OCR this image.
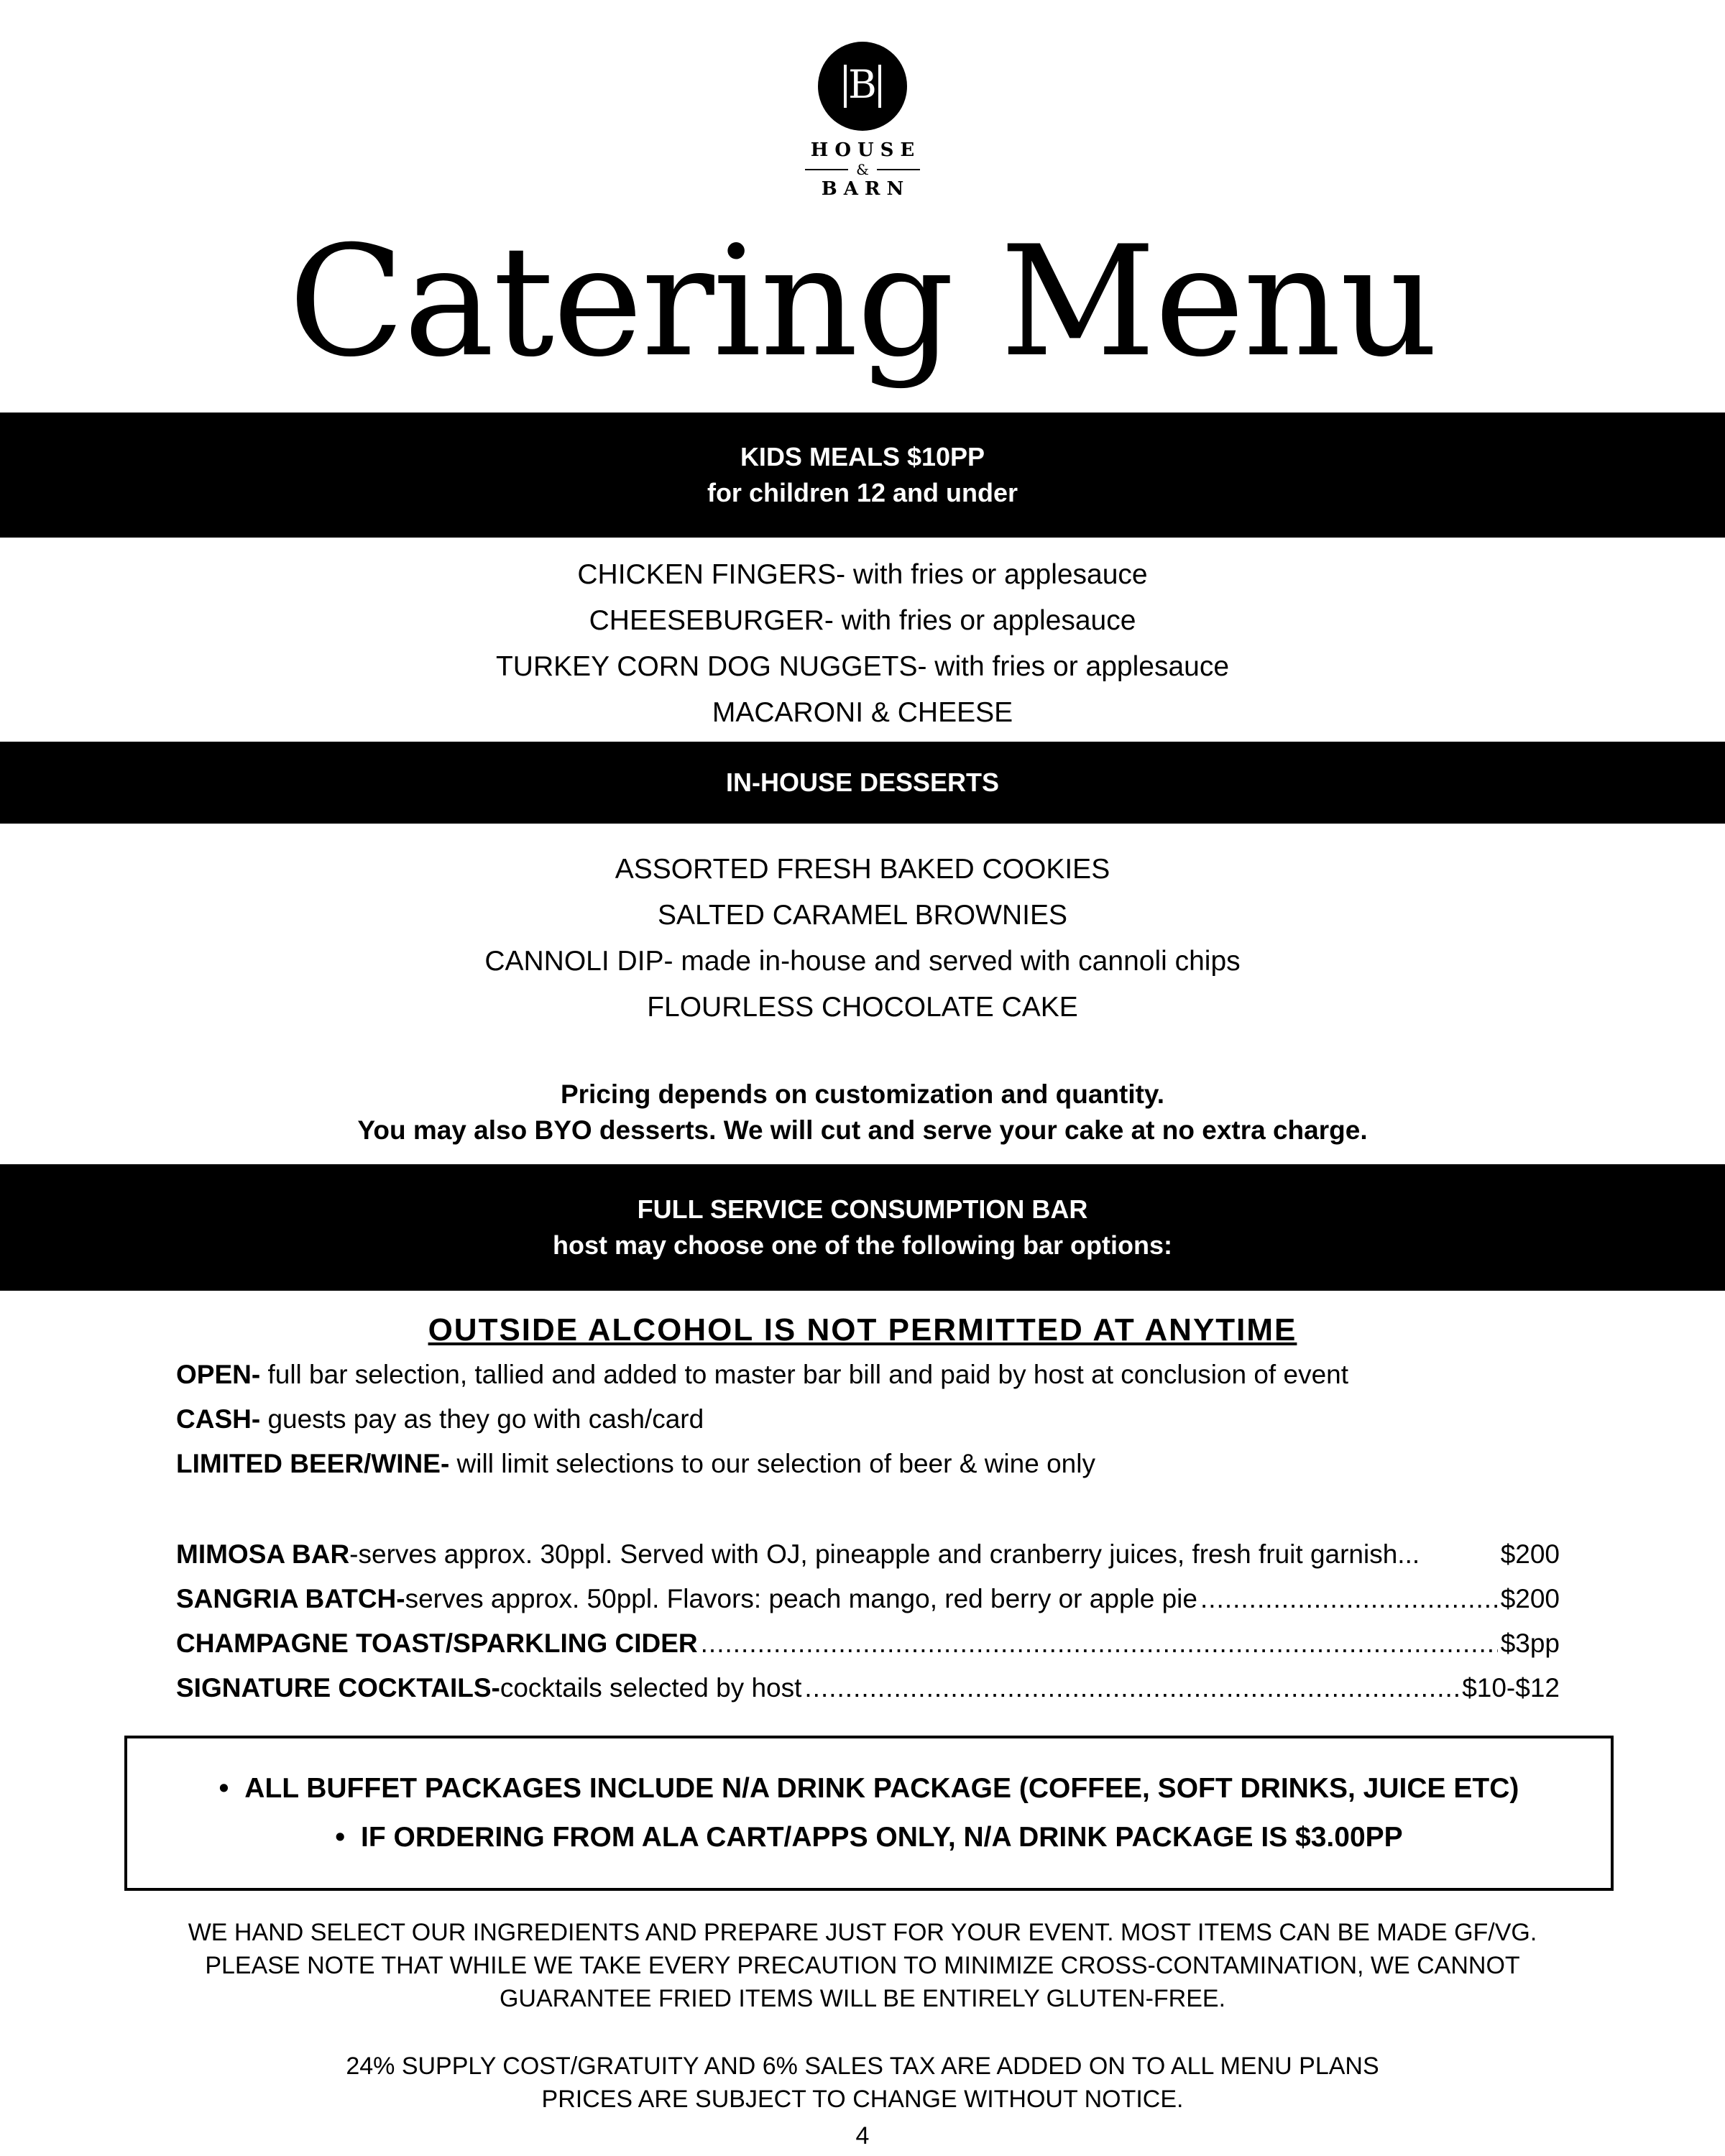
B
HOUSE
&
BARN
Catering Menu
KIDS MEALS $10PP
for children 12 and under
CHICKEN FINGERS- with fries or applesauce
CHEESEBURGER- with fries or applesauce
TURKEY CORN DOG NUGGETS- with fries or applesauce
MACARONI & CHEESE
IN-HOUSE DESSERTS
ASSORTED FRESH BAKED COOKIES
SALTED CARAMEL BROWNIES
CANNOLI DIP- made in-house and served with cannoli chips
FLOURLESS CHOCOLATE CAKE
Pricing depends on customization and quantity.
You may also BYO desserts. We will cut and serve your cake at no extra charge.
FULL SERVICE CONSUMPTION BAR
host may choose one of the following bar options:
OUTSIDE ALCOHOL IS NOT PERMITTED AT ANYTIME
OPEN- full bar selection, tallied and added to master bar bill and paid by host at conclusion of event
CASH- guests pay as they go with cash/card
LIMITED BEER/WINE- will limit selections to our selection of beer & wine only
MIMOSA BAR -serves approx. 30ppl. Served with OJ, pineapple and cranberry juices, fresh fruit garnish...	$200
SANGRIA BATCH- serves approx. 50ppl. Flavors: peach mango, red berry or apple pie .....	$200
CHAMPAGNE TOAST/SPARKLING CIDER .....	$3pp
SIGNATURE COCKTAILS- cocktails selected by host .....	$10-$12
• ALL BUFFET PACKAGES INCLUDE N/A DRINK PACKAGE (COFFEE, SOFT DRINKS, JUICE ETC)
• IF ORDERING FROM ALA CART/APPS ONLY, N/A DRINK PACKAGE IS $3.00PP
WE HAND SELECT OUR INGREDIENTS AND PREPARE JUST FOR YOUR EVENT. MOST ITEMS CAN BE MADE GF/VG.
PLEASE NOTE THAT WHILE WE TAKE EVERY PRECAUTION TO MINIMIZE CROSS-CONTAMINATION, WE CANNOT
GUARANTEE FRIED ITEMS WILL BE ENTIRELY GLUTEN-FREE.
24% SUPPLY COST/GRATUITY AND 6% SALES TAX ARE ADDED ON TO ALL MENU PLANS
PRICES ARE SUBJECT TO CHANGE WITHOUT NOTICE.
4
